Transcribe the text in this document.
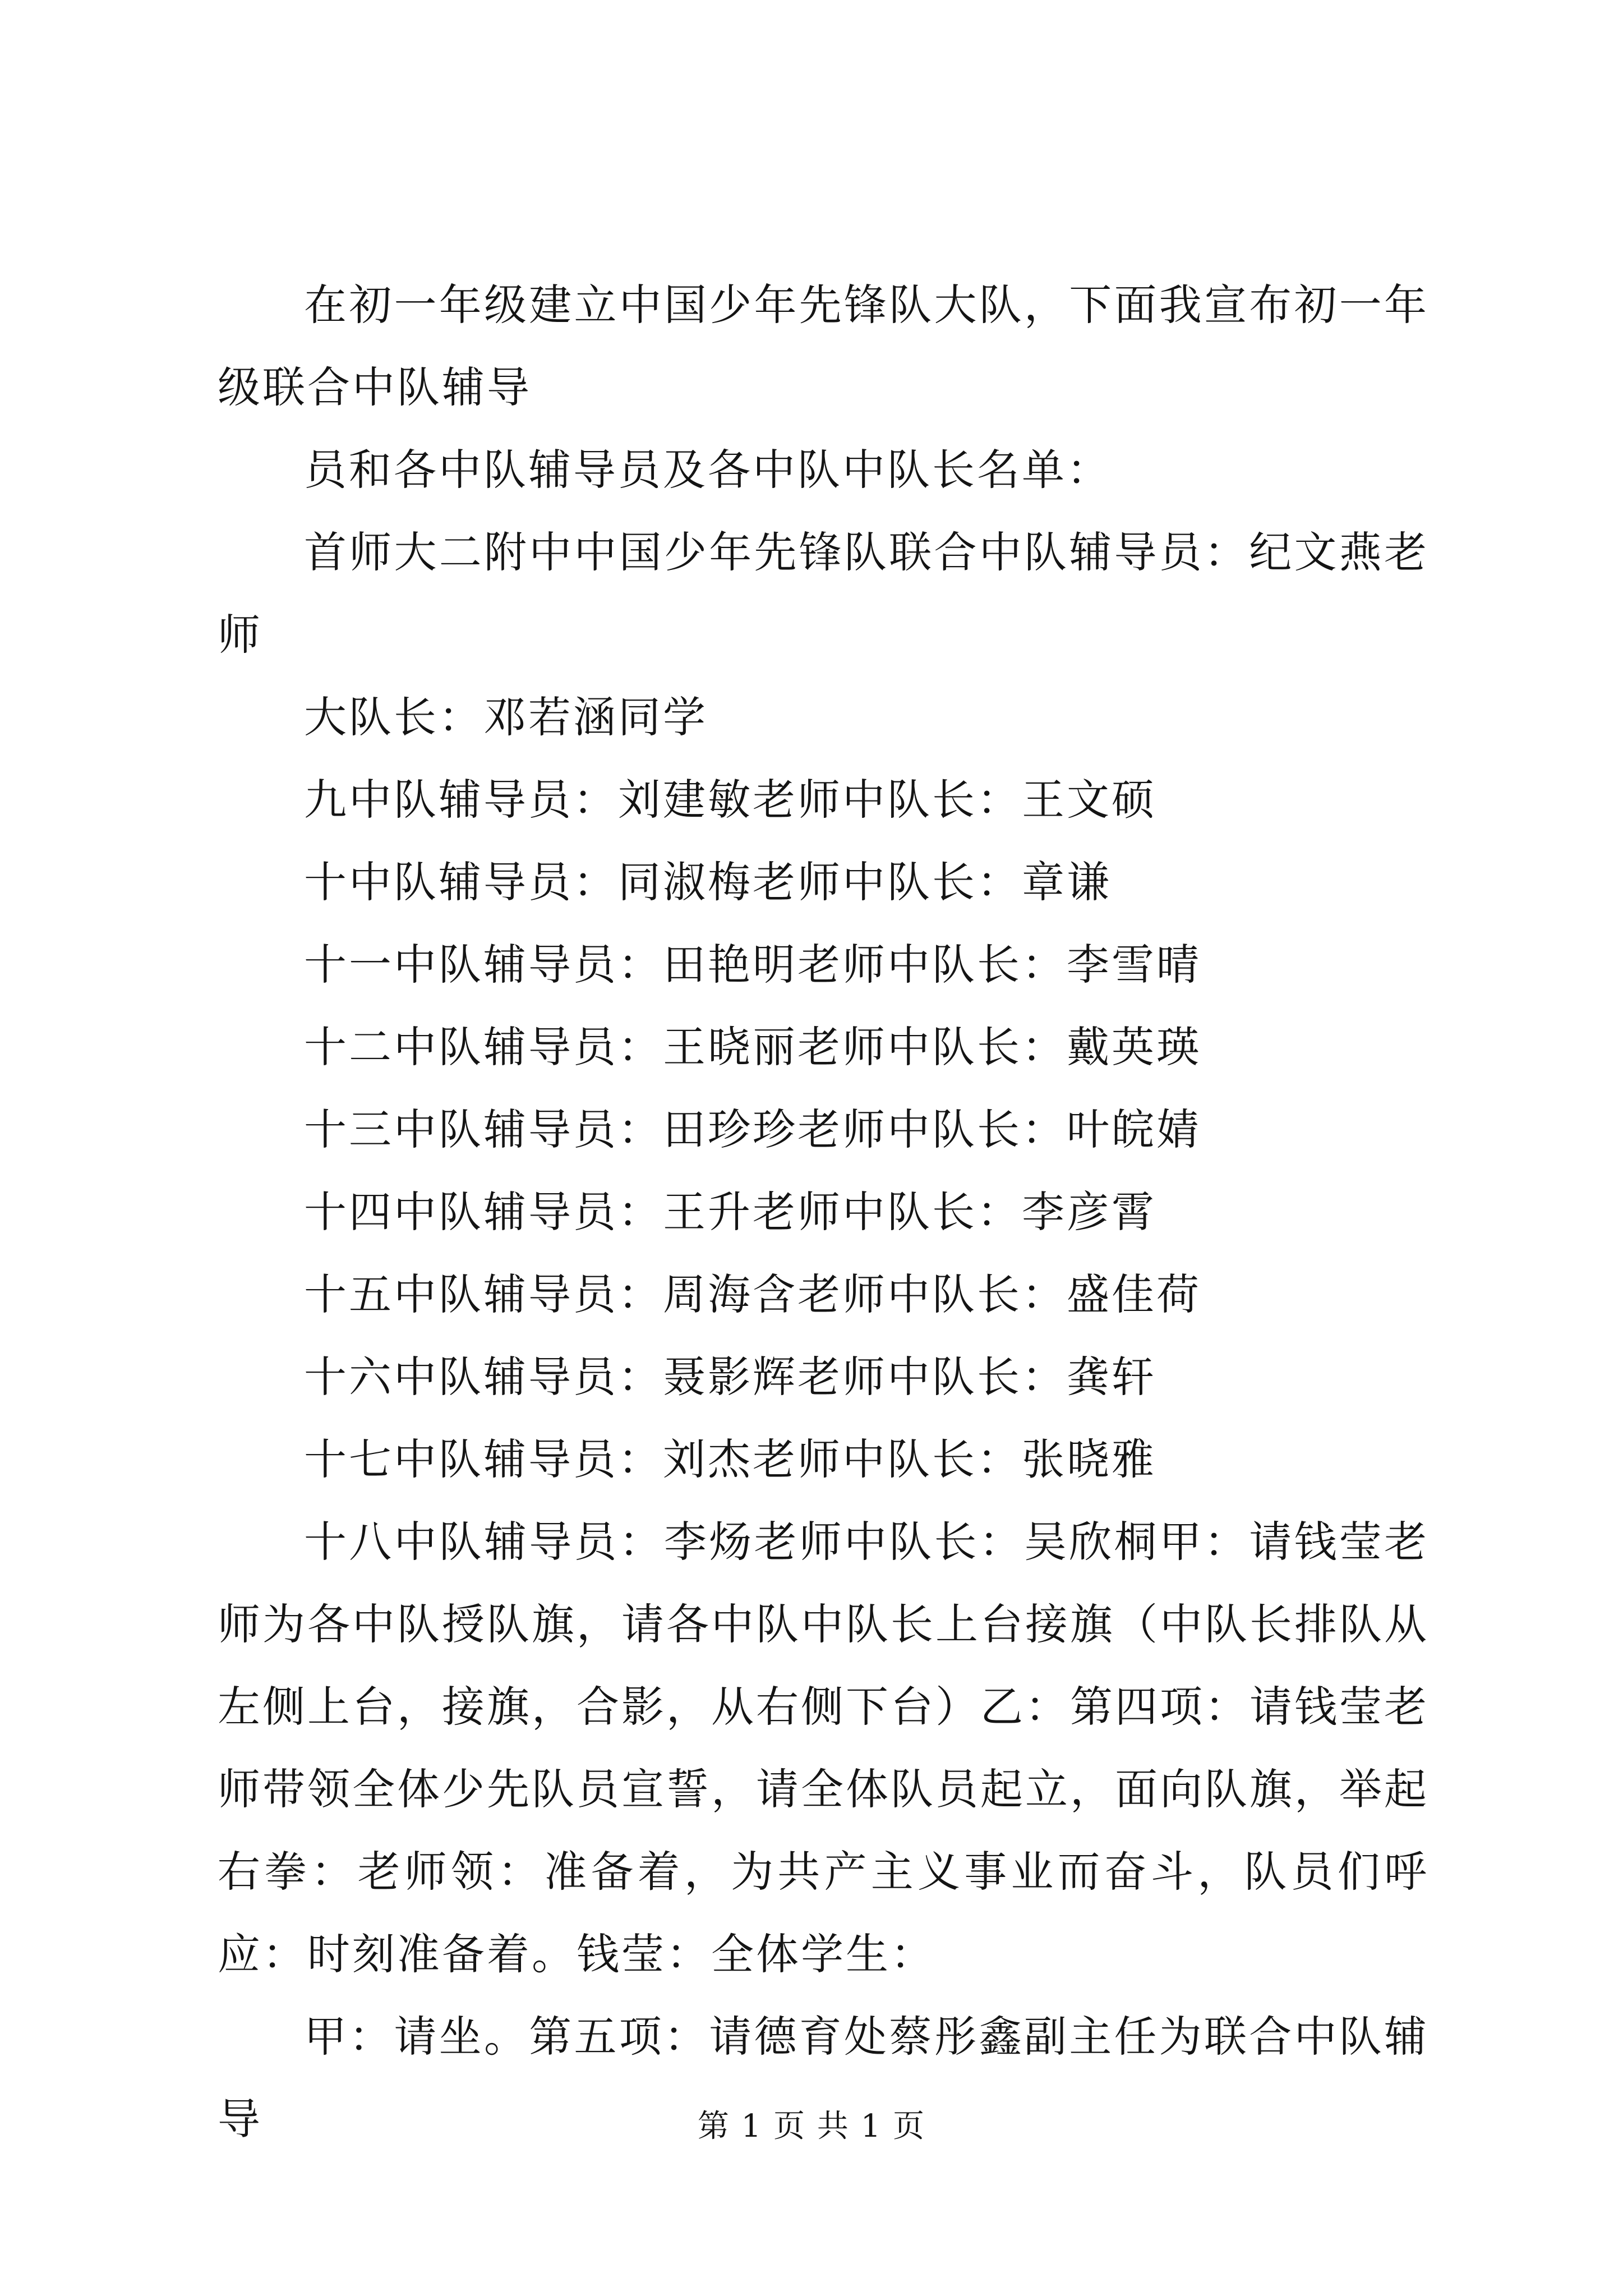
在初一年级建立中国少年先锋队大队，下面我宣布初一年级联合中队辅导

员和各中队辅导员及各中队中队长名单：

首师大二附中中国少年先锋队联合中队辅导员：纪文燕老师

大队长：邓若涵同学

九中队辅导员：刘建敏老师中队长：王文硕

十中队辅导员：同淑梅老师中队长：章谦

十一中队辅导员：田艳明老师中队长：李雪晴

十二中队辅导员：王晓丽老师中队长：戴英瑛

十三中队辅导员：田珍珍老师中队长：叶皖婧

十四中队辅导员：王升老师中队长：李彦霄

十五中队辅导员：周海含老师中队长：盛佳荷

十六中队辅导员：聂影辉老师中队长：龚轩

十七中队辅导员：刘杰老师中队长：张晓雅

十八中队辅导员：李炀老师中队长：吴欣桐甲：请钱莹老师为各中队授队旗，请各中队中队长上台接旗（中队长排队从左侧上台，接旗，合影，从右侧下台）乙：第四项：请钱莹老师带领全体少先队员宣誓，请全体队员起立，面向队旗，举起右拳：老师领：准备着，为共产主义事业而奋斗，队员们呼应：时刻准备着。钱莹：全体学生：

甲：请坐。第五项：请德育处蔡彤鑫副主任为联合中队辅导	第 1 页 共 1 页
